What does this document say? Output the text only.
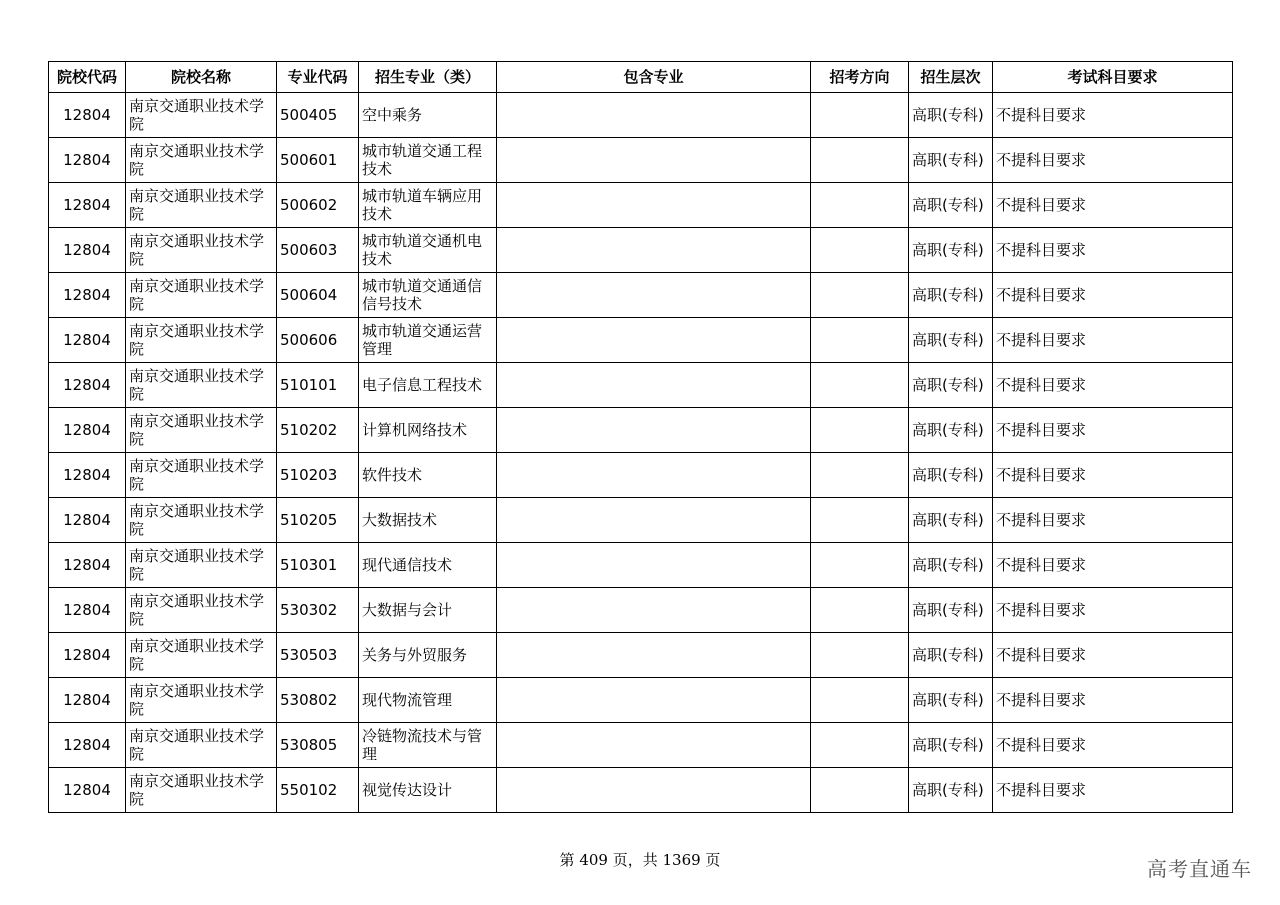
院校代码	院校名称	专业代码	招生专业（类）	包含专业	招考方向	招生层次	考试科目要求
12804	南京交通职业技术学院	500405	空中乘务			高职(专科)	不提科目要求
12804	南京交通职业技术学院	500601	城市轨道交通工程技术			高职(专科)	不提科目要求
12804	南京交通职业技术学院	500602	城市轨道车辆应用技术			高职(专科)	不提科目要求
12804	南京交通职业技术学院	500603	城市轨道交通机电技术			高职(专科)	不提科目要求
12804	南京交通职业技术学院	500604	城市轨道交通通信信号技术			高职(专科)	不提科目要求
12804	南京交通职业技术学院	500606	城市轨道交通运营管理			高职(专科)	不提科目要求
12804	南京交通职业技术学院	510101	电子信息工程技术			高职(专科)	不提科目要求
12804	南京交通职业技术学院	510202	计算机网络技术			高职(专科)	不提科目要求
12804	南京交通职业技术学院	510203	软件技术			高职(专科)	不提科目要求
12804	南京交通职业技术学院	510205	大数据技术			高职(专科)	不提科目要求
12804	南京交通职业技术学院	510301	现代通信技术			高职(专科)	不提科目要求
12804	南京交通职业技术学院	530302	大数据与会计			高职(专科)	不提科目要求
12804	南京交通职业技术学院	530503	关务与外贸服务			高职(专科)	不提科目要求
12804	南京交通职业技术学院	530802	现代物流管理			高职(专科)	不提科目要求
12804	南京交通职业技术学院	530805	冷链物流技术与管理			高职(专科)	不提科目要求
12804	南京交通职业技术学院	550102	视觉传达设计			高职(专科)	不提科目要求
第 409 页，共 1369 页	高考直通车
